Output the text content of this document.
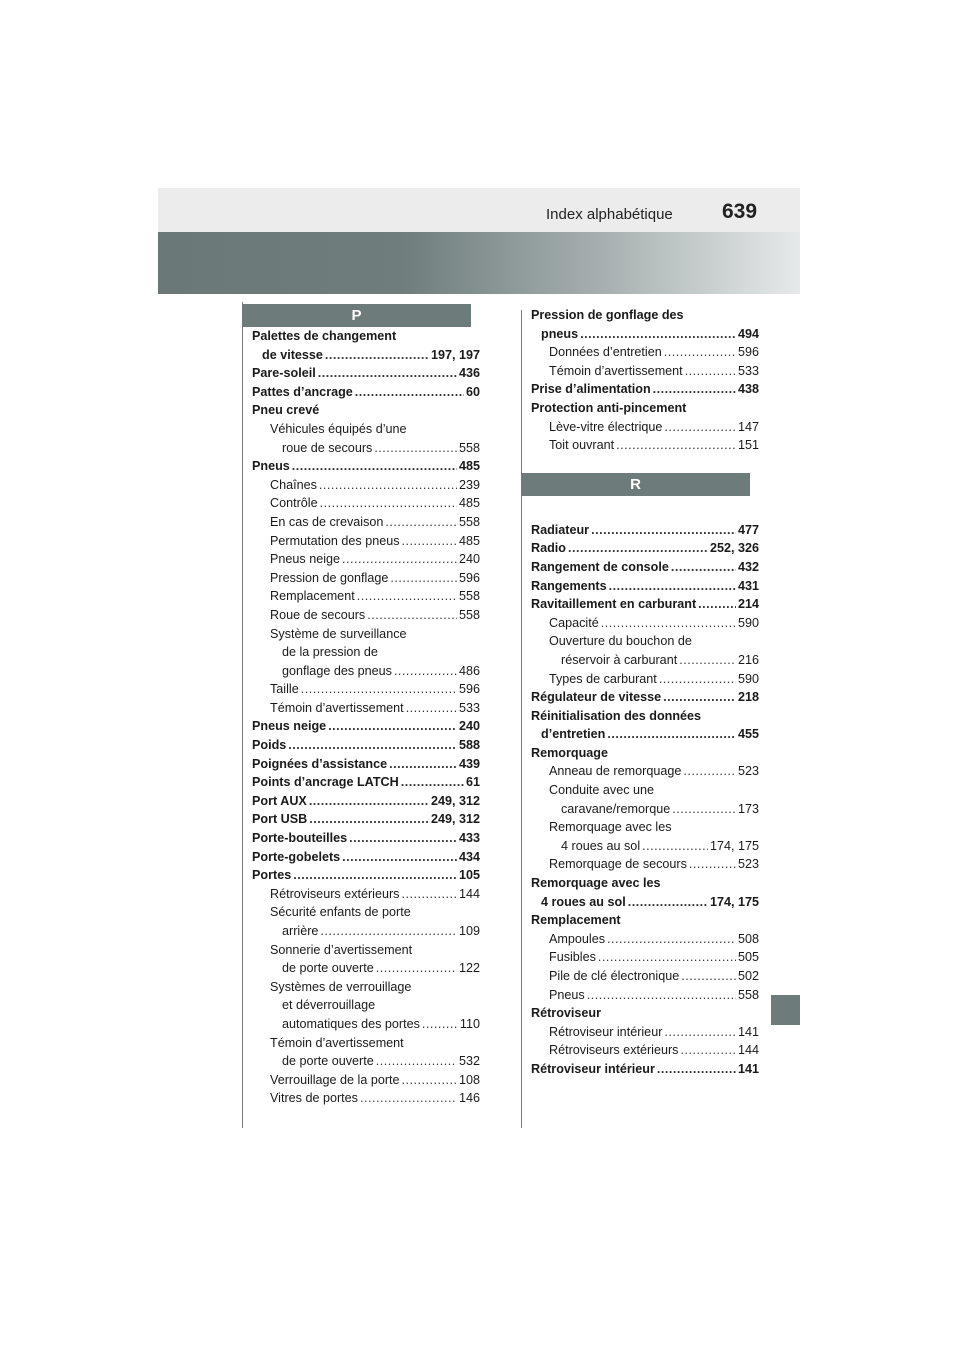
Index alphabétique 639
P
R
Palettes de changement
de vitesse .....	197, 197
Pare-soleil .....	436
Pattes d’ancrage .....	60
Pneu crevé
Véhicules équipés d’une
roue de secours .....	558
Pneus .....	485
Chaînes .....	239
Contrôle .....	485
En cas de crevaison .....	558
Permutation des pneus .....	485
Pneus neige .....	240
Pression de gonflage .....	596
Remplacement .....	558
Roue de secours .....	558
Système de surveillance
de la pression de
gonflage des pneus .....	486
Taille .....	596
Témoin d’avertissement .....	533
Pneus neige .....	240
Poids .....	588
Poignées d’assistance .....	439
Points d’ancrage LATCH .....	61
Port AUX .....	249, 312
Port USB .....	249, 312
Porte-bouteilles .....	433
Porte-gobelets .....	434
Portes .....	105
Rétroviseurs extérieurs .....	144
Sécurité enfants de porte
arrière .....	109
Sonnerie d’avertissement
de porte ouverte .....	122
Systèmes de verrouillage
et déverrouillage
automatiques des portes .....	110
Témoin d’avertissement
de porte ouverte .....	532
Verrouillage de la porte .....	108
Vitres de portes .....	146
Pression de gonflage des
pneus .....	494
Données d’entretien .....	596
Témoin d’avertissement .....	533
Prise d’alimentation .....	438
Protection anti-pincement
Lève-vitre électrique .....	147
Toit ouvrant .....	151
Radiateur .....	477
Radio .....	252, 326
Rangement de console .....	432
Rangements .....	431
Ravitaillement en carburant .....	214
Capacité .....	590
Ouverture du bouchon de
réservoir à carburant .....	216
Types de carburant .....	590
Régulateur de vitesse .....	218
Réinitialisation des données
d’entretien .....	455
Remorquage
Anneau de remorquage .....	523
Conduite avec une
caravane/remorque .....	173
Remorquage avec les
4 roues au sol .....	174, 175
Remorquage de secours .....	523
Remorquage avec les
4 roues au sol .....	174, 175
Remplacement
Ampoules .....	508
Fusibles .....	505
Pile de clé électronique .....	502
Pneus .....	558
Rétroviseur
Rétroviseur intérieur .....	141
Rétroviseurs extérieurs .....	144
Rétroviseur intérieur .....	141
